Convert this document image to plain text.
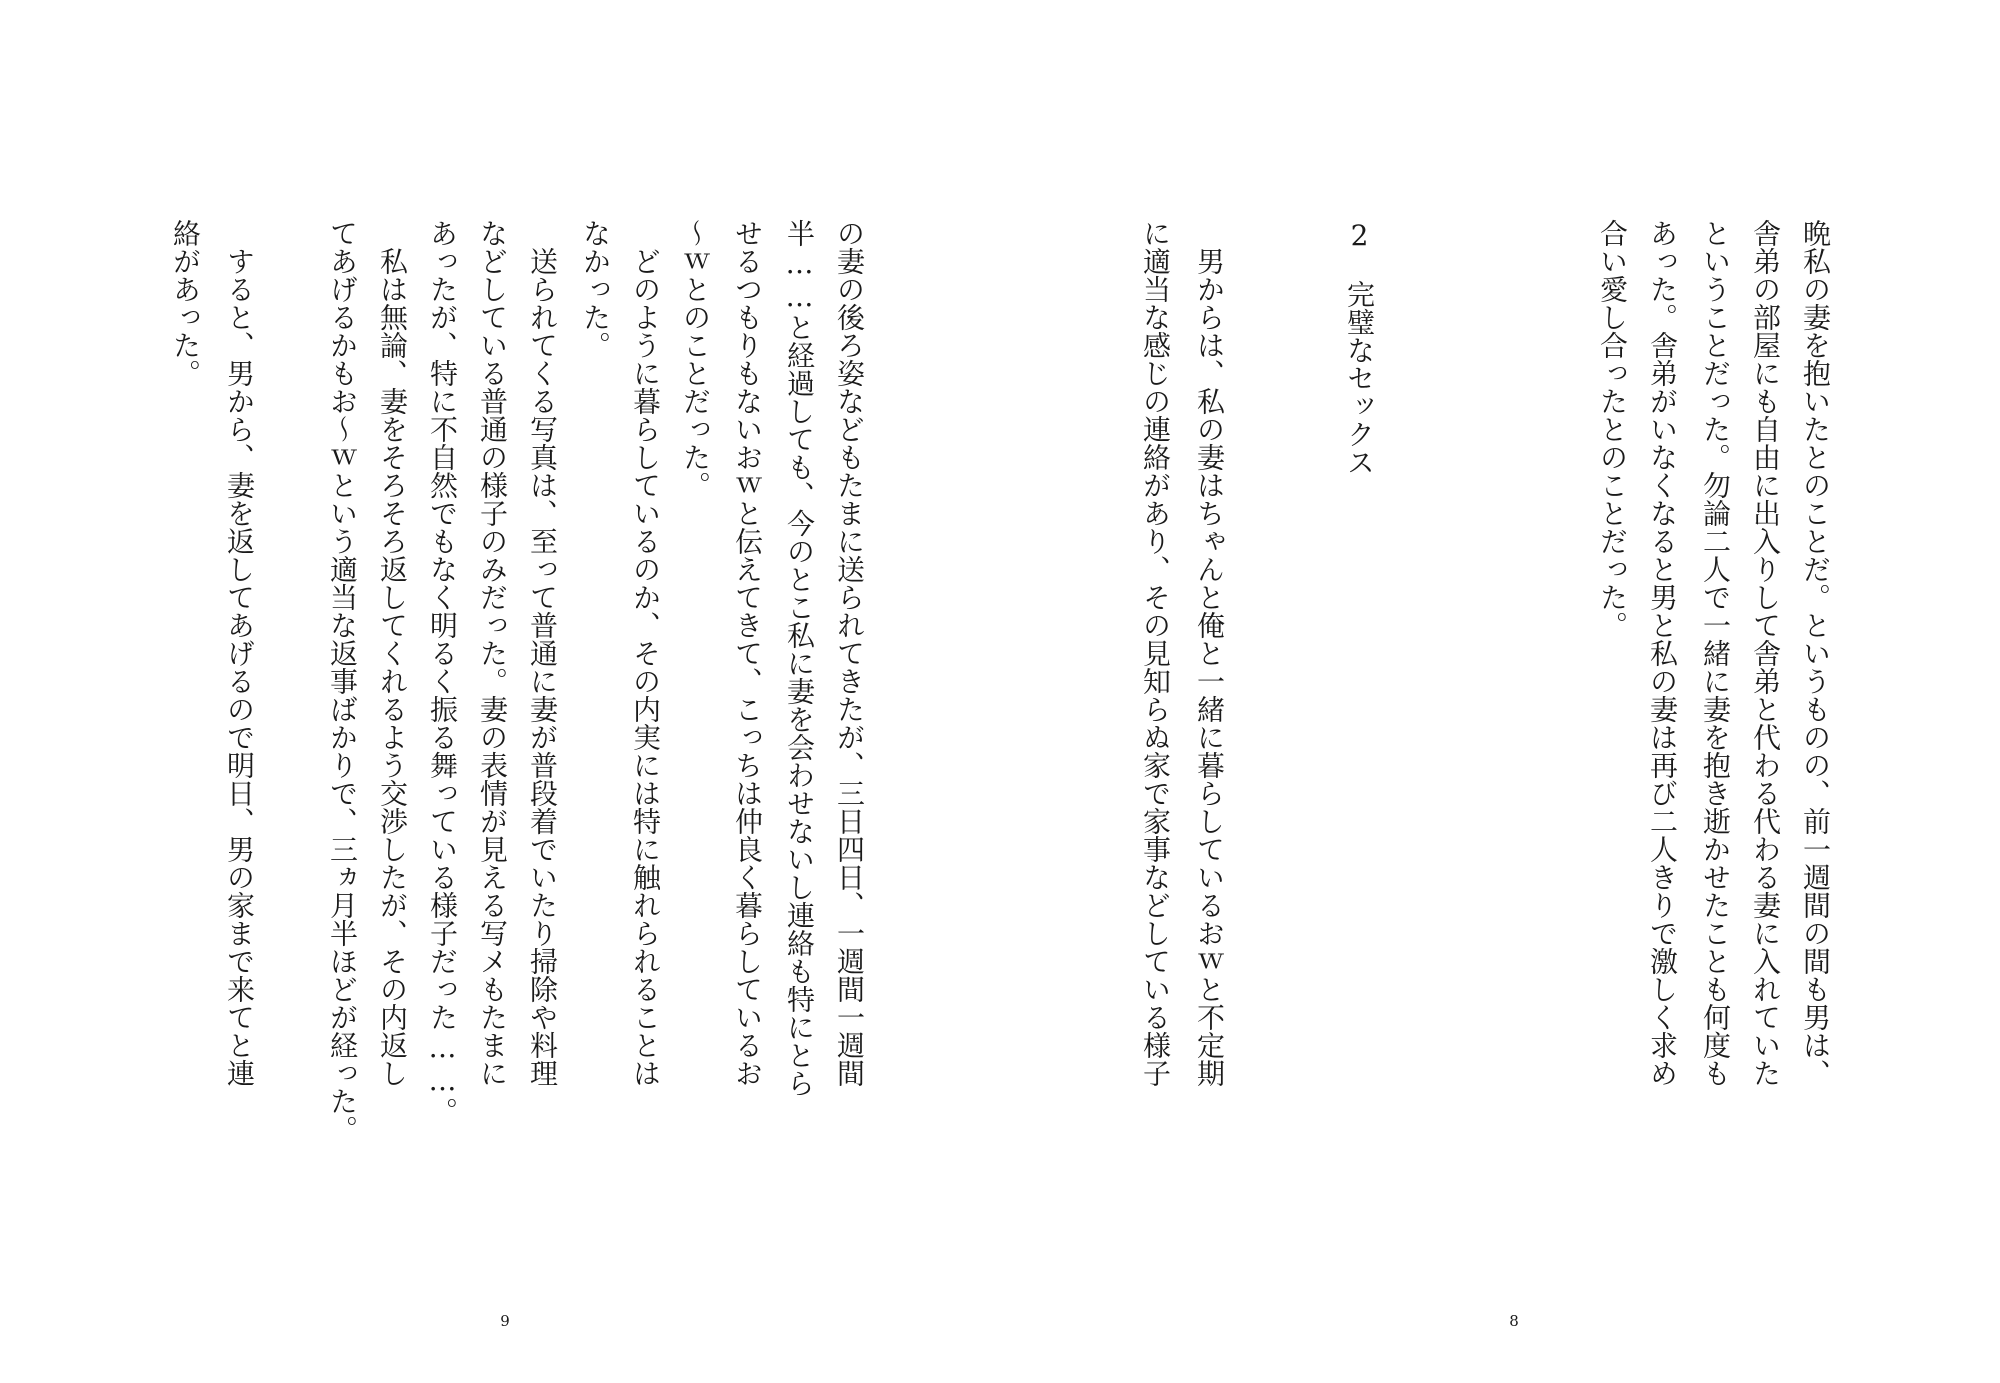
の妻の後ろ姿などもたまに送られてきたが、三日四日、一週間一週間
半……と経過しても、今のとこ私に妻を会わせないし連絡も特にとら
せるつもりもないおｗと伝えてきて、こっちは仲良く暮らしているお
～ｗとのことだった。
　どのように暮らしているのか、その内実には特に触れられることは
なかった。
　送られてくる写真は、至って普通に妻が普段着でいたり掃除や料理
などしている普通の様子のみだった。妻の表情が見える写メもたまに
あったが、特に不自然でもなく明るく振る舞っている様子だった……。
　私は無論、妻をそろそろ返してくれるよう交渉したが、その内返し
てあげるかもお～ｗという適当な返事ばかりで、三ヵ月半ほどが経った。
　すると、男から、妻を返してあげるので明日、男の家まで来てと連
絡があった。
9
晩私の妻を抱いたとのことだ。というものの、前一週間の間も男は、
舎弟の部屋にも自由に出入りして舎弟と代わる代わる妻に入れていた
ということだった。勿論二人で一緒に妻を抱き逝かせたことも何度も
あった。舎弟がいなくなると男と私の妻は再び二人きりで激しく求め
合い愛し合ったとのことだった。
2　完璧なセックス
　男からは、私の妻はちゃんと俺と一緒に暮らしているおｗと不定期
に適当な感じの連絡があり、その見知らぬ家で家事などしている様子
8
